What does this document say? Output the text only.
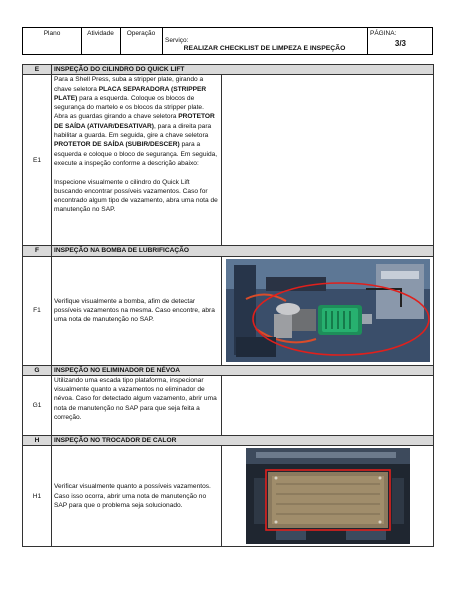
Plano	Atividade	Operação
Serviço:
REALIZAR CHECKLIST DE LIMPEZA E INSPEÇÃO
PÁGINA:
3/3
E	INSPEÇÃO DO CILINDRO DO QUICK LIFT	
E1	Para a Shell Press, suba a stripper plate, girando a chave seletora PLACA SEPARADORA (STRIPPER PLATE) para a esquerda. Coloque os blocos de segurança do martelo e os blocos da stripper plate. Abra as guardas girando a chave seletora PROTETOR DE SAÍDA (ATIVAR/DESATIVAR), para a direita para habilitar a guarda. Em seguida, gire a chave seletora PROTETOR DE SAÍDA (SUBIR/DESCER) para a esquerda e coloque o bloco de segurança. Em seguida, execute a inspeção conforme a descrição abaixo:

Inspecione visualmente o cilindro do Quick Lift buscando encontrar possíveis vazamentos. Caso for encontrado algum tipo de vazamento, abra uma nota de manutenção no SAP.	

F	INSPEÇÃO NA BOMBA DE LUBRIFICAÇÃO	
F1	Verifique visualmente a bomba, afim de detectar possíveis vazamentos na mesma. Caso encontre, abra uma nota de manutenção no SAP.	

G	INSPEÇÃO NO ELIMINADOR DE NÉVOA	
G1	Utilizando uma escada tipo plataforma, inspecionar visualmente quanto a vazamentos no eliminador de névoa. Caso for detectado algum vazamento, abrir uma nota de manutenção no SAP para que seja feita a correção.	
H	INSPEÇÃO NO TROCADOR DE CALOR	
H1	Verificar visualmente quanto a possíveis vazamentos. Caso isso ocorra, abrir uma nota de manutenção no SAP para que o problema seja solucionado.	
